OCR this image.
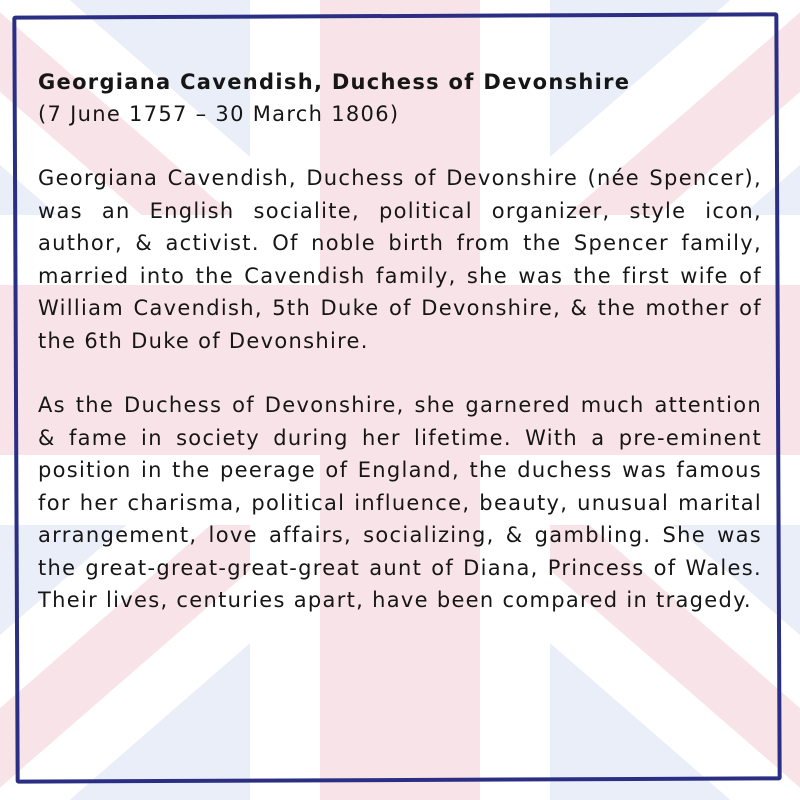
Georgiana Cavendish, Duchess of Devonshire

(7 June 1757 – 30 March 1806)

Georgiana Cavendish, Duchess of Devonshire (née Spencer), was an English socialite, political organizer, style icon, author, & activist. Of noble birth from the Spencer family, married into the Cavendish family, she was the first wife of William Cavendish, 5th Duke of Devonshire, & the mother of the 6th Duke of Devonshire.

As the Duchess of Devonshire, she garnered much attention & fame in society during her lifetime. With a pre-eminent position in the peerage of England, the duchess was famous for her charisma, political influence, beauty, unusual marital arrangement, love affairs, socializing, & gambling. She was the great-great-great-great aunt of Diana, Princess of Wales. Their lives, centuries apart, have been compared in tragedy.
